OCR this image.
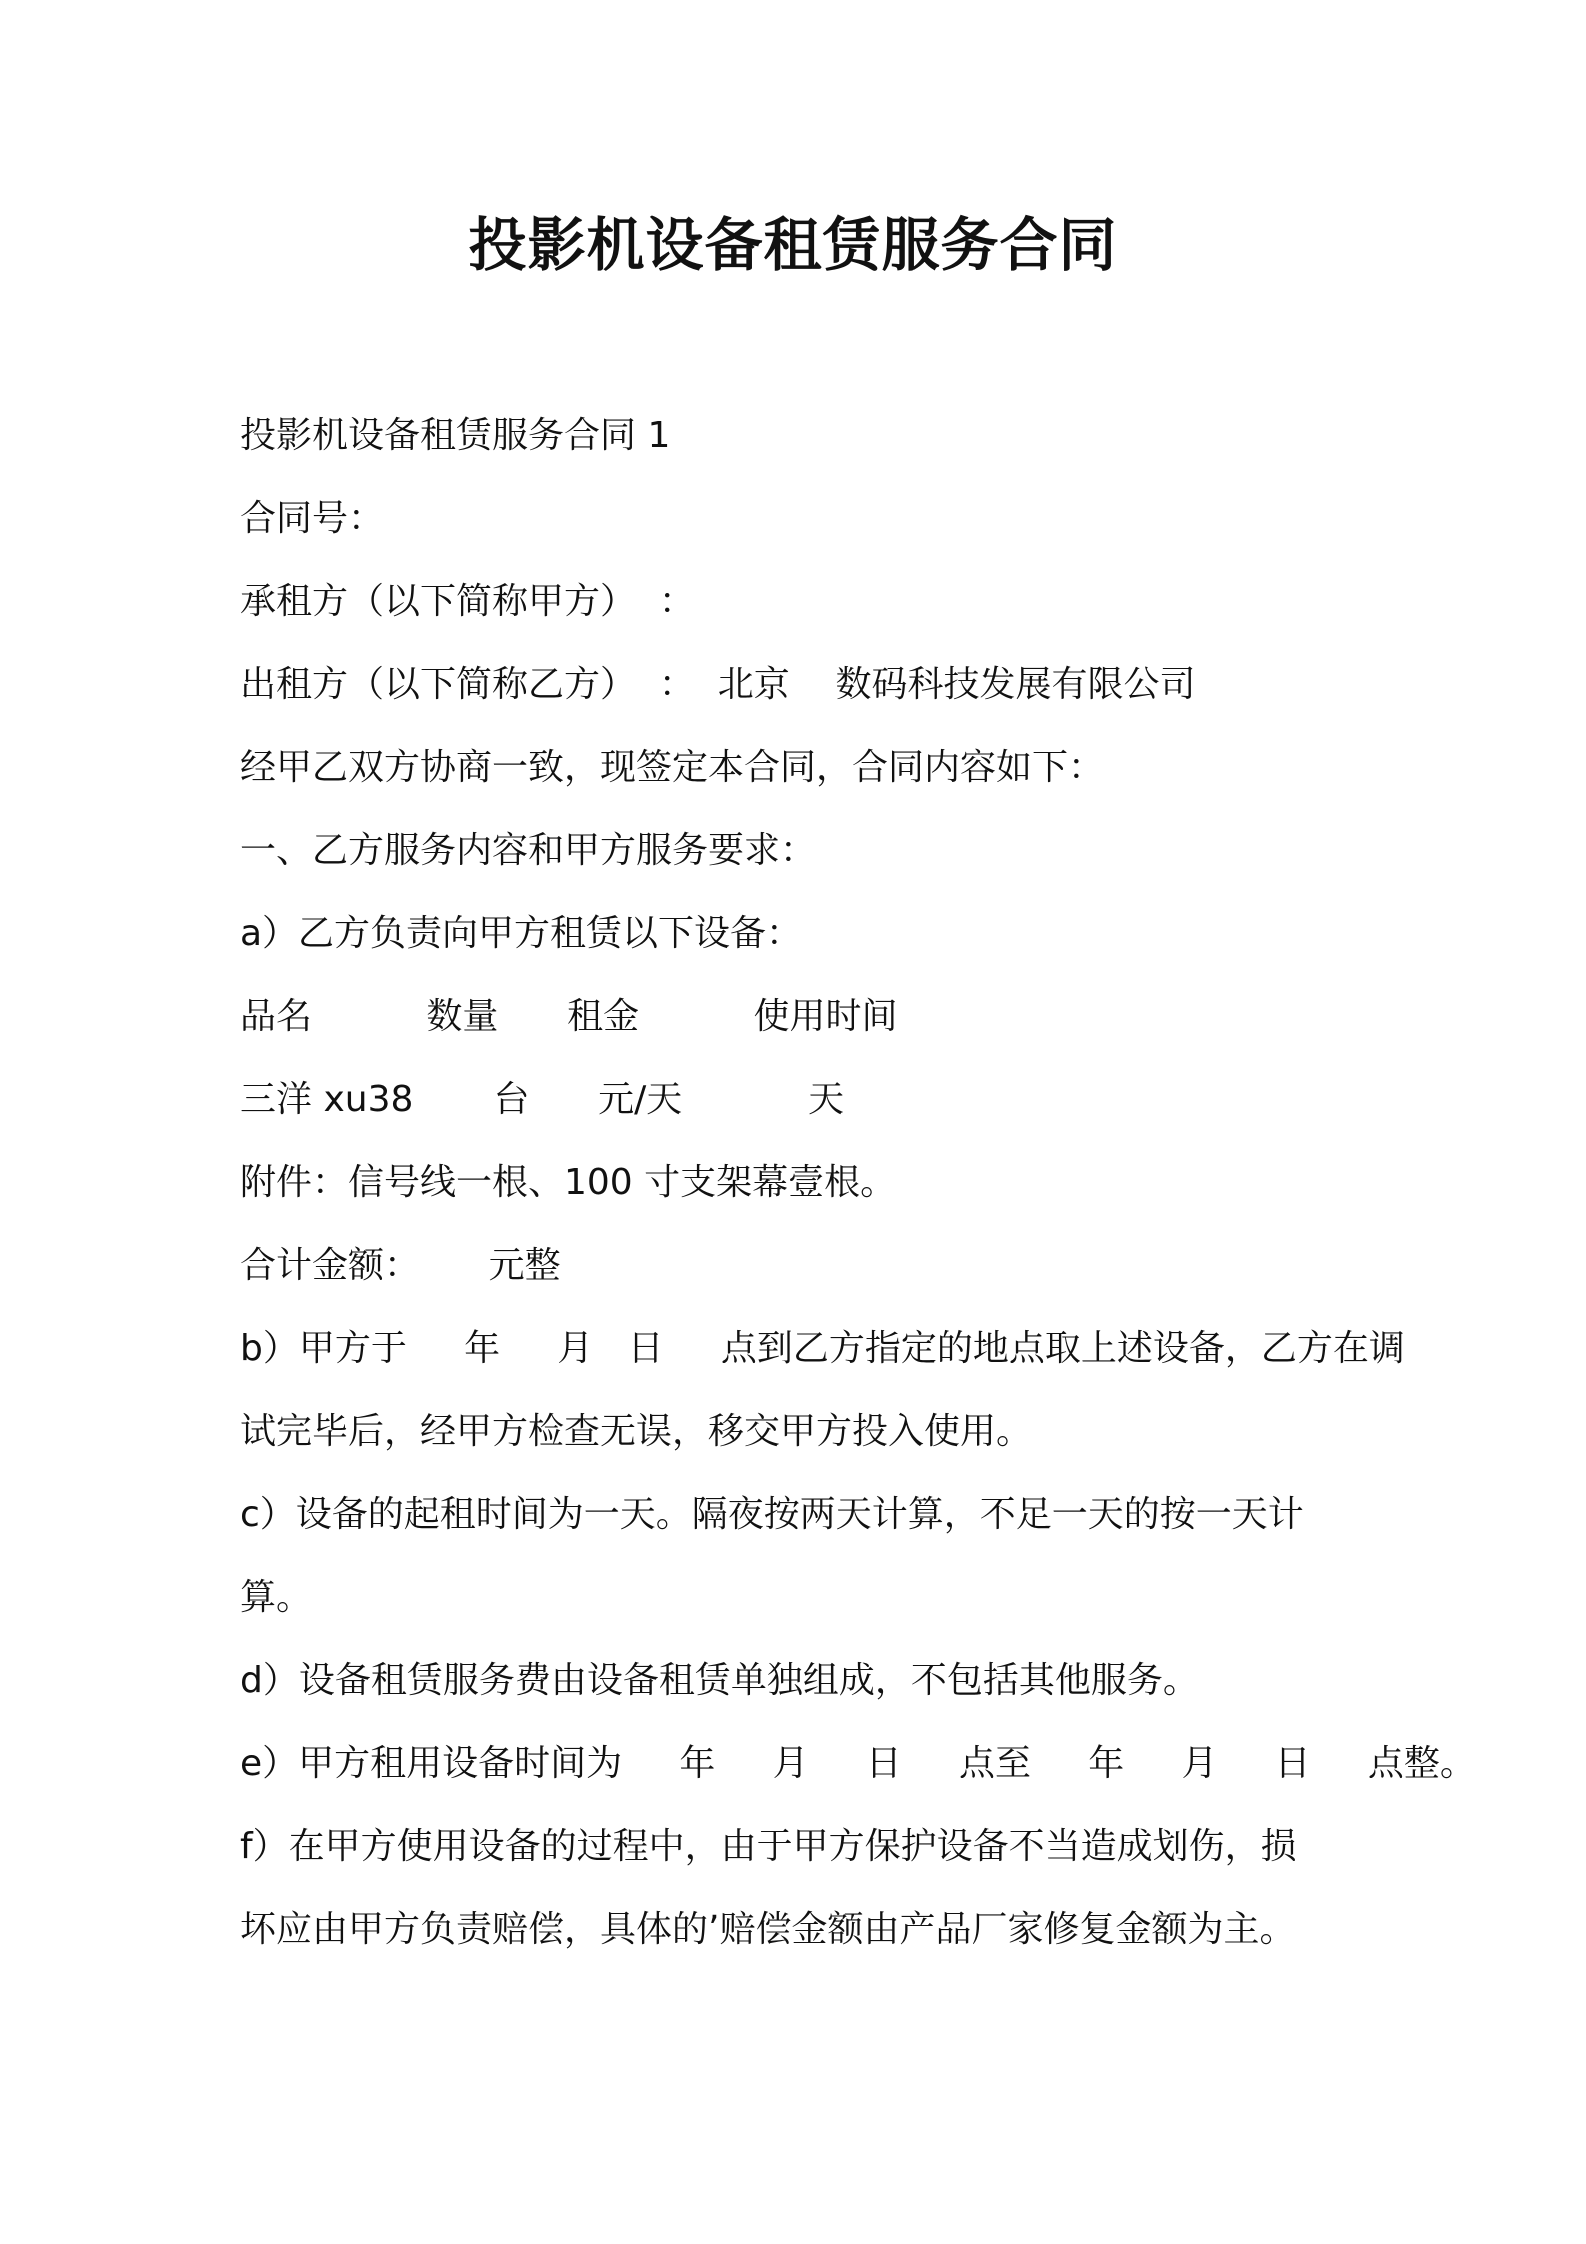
投影机设备租赁服务合同
投影机设备租赁服务合同 1
合同号：
承租方（以下简称甲方）  ：
出租方（以下简称乙方）  ：  北京    数码科技发展有限公司
经甲乙双方协商一致，现签定本合同，合同内容如下：
一、乙方服务内容和甲方服务要求：
a）乙方负责向甲方租赁以下设备：
品名          数量      租金          使用时间
三洋 xu38       台      元/天           天
附件：信号线一根、100 寸支架幕壹根。
合计金额：      元整
b）甲方于     年     月   日     点到乙方指定的地点取上述设备，乙方在调
试完毕后，经甲方检查无误，移交甲方投入使用。
c）设备的起租时间为一天。隔夜按两天计算，不足一天的按一天计
算。
d）设备租赁服务费由设备租赁单独组成，不包括其他服务。
e）甲方租用设备时间为     年     月     日     点至     年     月     日     点整。
f）在甲方使用设备的过程中，由于甲方保护设备不当造成划伤，损
坏应由甲方负责赔偿，具体的’赔偿金额由产品厂家修复金额为主。
